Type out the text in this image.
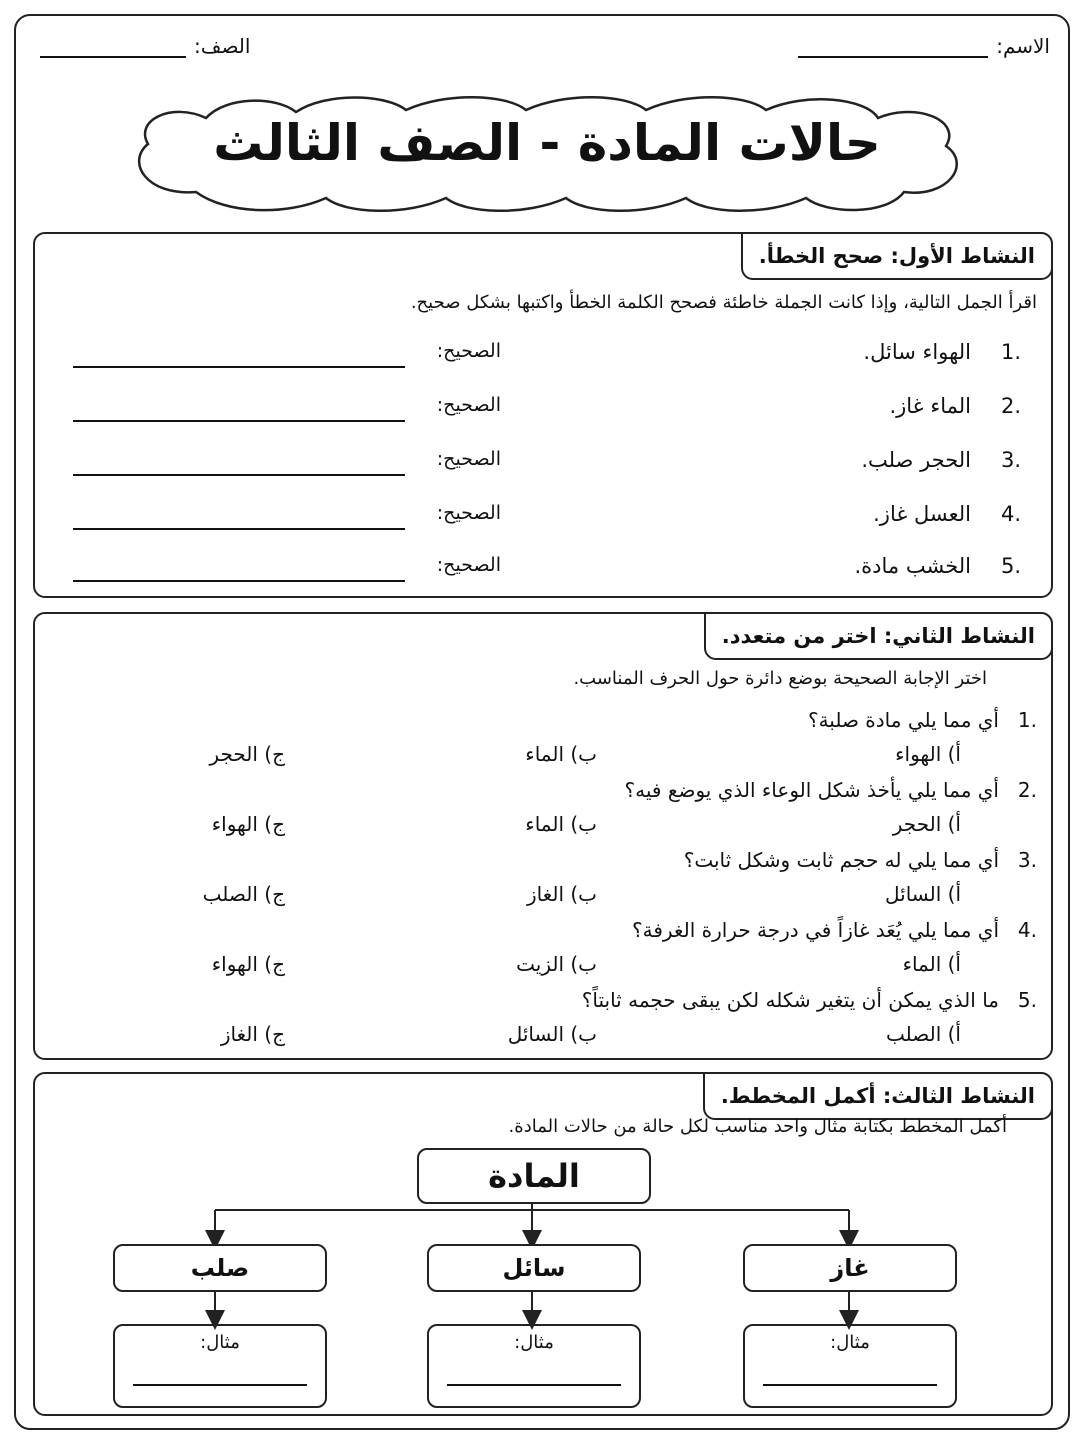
الاسم:
الصف:
حالات المادة - الصف الثالث
النشاط الأول: صحح الخطأ.
اقرأ الجمل التالية، وإذا كانت الجملة خاطئة فصحح الكلمة الخطأ واكتبها بشكل صحيح.
.1
الهواء سائل.
الصحيح:
.2
الماء غاز.
الصحيح:
.3
الحجر صلب.
الصحيح:
.4
العسل غاز.
الصحيح:
.5
الخشب مادة.
الصحيح:
النشاط الثاني: اختر من متعدد.
اختر الإجابة الصحيحة بوضع دائرة حول الحرف المناسب.
.1
أي مما يلي مادة صلبة؟
أ) الهواء
ب) الماء
ج) الحجر
.2
أي مما يلي يأخذ شكل الوعاء الذي يوضع فيه؟
أ) الحجر
ب) الماء
ج) الهواء
.3
أي مما يلي له حجم ثابت وشكل ثابت؟
أ) السائل
ب) الغاز
ج) الصلب
.4
أي مما يلي يُعَد غازاً في درجة حرارة الغرفة؟
أ) الماء
ب) الزيت
ج) الهواء
.5
ما الذي يمكن أن يتغير شكله لكن يبقى حجمه ثابتاً؟
أ) الصلب
ب) السائل
ج) الغاز
النشاط الثالث: أكمل المخطط.
أكمل المخطط بكتابة مثال واحد مناسب لكل حالة من حالات المادة.
المادة
غاز
سائل
صلب
مثال:
مثال:
مثال:
